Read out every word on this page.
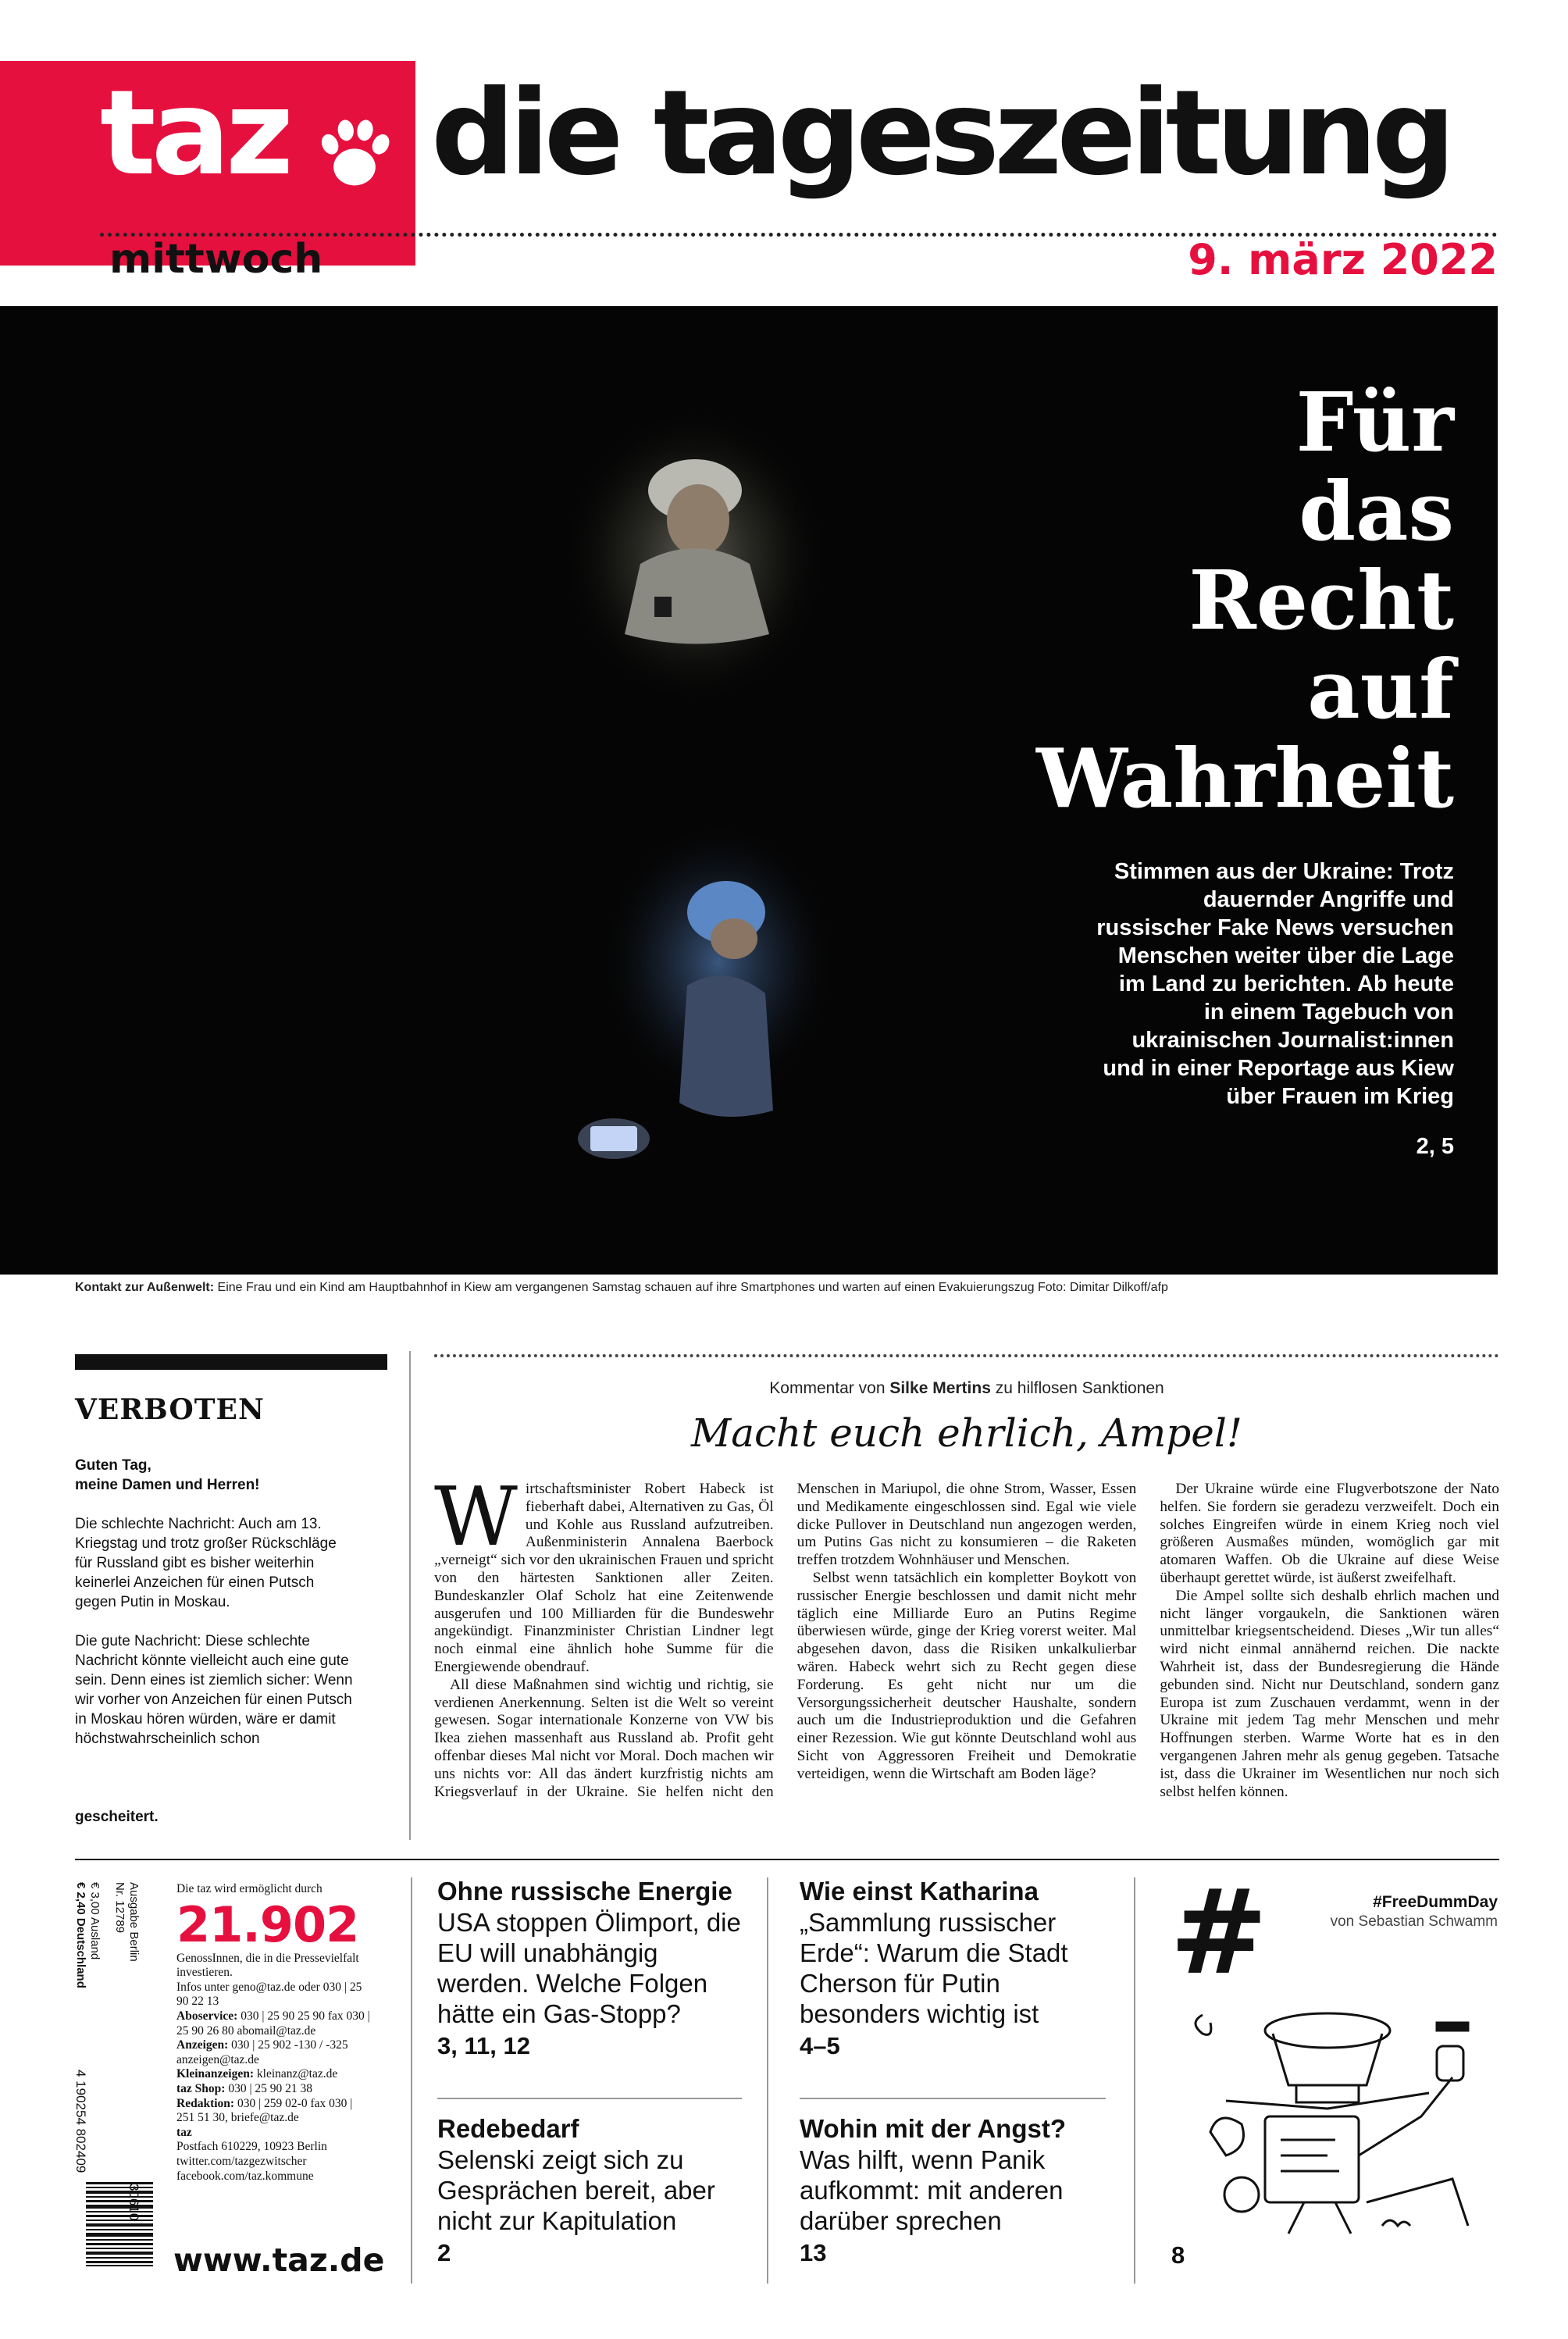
taz die tageszeitung
mittwoch	9. märz 2022
Für
das
Recht
auf
Wahrheit
Stimmen aus der Ukraine: Trotz dauernder Angriffe und russischer Fake News versuchen Menschen weiter über die Lage im Land zu berichten. Ab heute in einem Tagebuch von ukrainischen Journalist:innen und in einer Reportage aus Kiew über Frauen im Krieg
2, 5
Kontakt zur Außenwelt: Eine Frau und ein Kind am Hauptbahnhof in Kiew am vergangenen Samstag schauen auf ihre Smartphones und warten auf einen Evakuierungszug Foto: Dimitar Dilkoff/afp
VERBOTEN

Guten Tag,
meine Damen und Herren!

Die schlechte Nachricht: Auch am 13. Kriegstag und trotz großer Rückschläge für Russland gibt es bisher weiterhin keinerlei Anzeichen für einen Putsch gegen Putin in Moskau.

Die gute Nachricht: Diese schlechte Nachricht könnte vielleicht auch eine gute sein. Denn eines ist ziemlich sicher: Wenn wir vorher von Anzeichen für einen Putsch in Moskau hören würden, wäre er damit höchstwahrscheinlich schon

gescheitert.
Kommentar von Silke Mertins zu hilflosen Sanktionen
Macht euch ehrlich, Ampel!

Wirtschaftsminister Robert Habeck ist fieberhaft dabei, Alternativen zu Gas, Öl und Kohle aus Russland aufzutreiben. Außenministerin Annalena Baerbock „verneigt“ sich vor den ukrainischen Frauen und spricht von den härtesten Sanktionen aller Zeiten. Bundeskanzler Olaf Scholz hat eine Zeitenwende ausgerufen und 100 Milliarden für die Bundeswehr angekündigt. Finanzminister Christian Lindner legt noch einmal eine ähnlich hohe Summe für die Energiewende obendrauf.

All diese Maßnahmen sind wichtig und richtig, sie verdienen Anerkennung. Selten ist die Welt so vereint gewesen. Sogar internationale Konzerne von VW bis Ikea ziehen massenhaft aus Russland ab. Profit geht offenbar dieses Mal nicht vor Moral. Doch machen wir uns nichts vor: All das ändert kurzfristig nichts am Kriegsverlauf in der Ukraine. Sie helfen nicht den Menschen in Mariupol, die ohne Strom, Wasser, Essen und Medikamente eingeschlossen sind. Egal wie viele dicke Pullover in Deutschland nun angezogen werden, um Putins Gas nicht zu konsumieren – die Raketen treffen trotzdem Wohnhäuser und Menschen.

Selbst wenn tatsächlich ein kompletter Boykott von russischer Energie beschlossen und damit nicht mehr täglich eine Milliarde Euro an Putins Regime überwiesen würde, ginge der Krieg vorerst weiter. Mal abgesehen davon, dass die Risiken unkalkulierbar wären. Habeck wehrt sich zu Recht gegen diese Forderung. Es geht nicht nur um die Versorgungssicherheit deutscher Haushalte, sondern auch um die Industrieproduktion und die Gefahren einer Rezession. Wie gut könnte Deutschland wohl aus Sicht von Aggressoren Freiheit und Demokratie verteidigen, wenn die Wirtschaft am Boden läge?

Der Ukraine würde eine Flugverbotszone der Nato helfen. Sie fordern sie geradezu verzweifelt. Doch ein solches Eingreifen würde in einem Krieg noch viel größeren Ausmaßes münden, womöglich gar mit atomaren Waffen. Ob die Ukraine auf diese Weise überhaupt gerettet würde, ist äußerst zweifelhaft.

Die Ampel sollte sich deshalb ehrlich machen und nicht länger vorgaukeln, die Sanktionen wären unmittelbar kriegsentscheidend. Dieses „Wir tun alles“ wird nicht einmal annähernd reichen. Die nackte Wahrheit ist, dass der Bundesregierung die Hände gebunden sind. Nicht nur Deutschland, sondern ganz Europa ist zum Zuschauen verdammt, wenn in der Ukraine mit jedem Tag mehr Menschen und mehr Hoffnungen sterben. Warme Worte hat es in den vergangenen Jahren mehr als genug gegeben. Tatsache ist, dass die Ukrainer im Wesentlichen nur noch sich selbst helfen können.

Ausgabe Berlin
Nr. 12789
€ 3,00 Ausland
€ 2,40 Deutschland
4 190254 802409
Die taz wird ermöglicht durch
21.902
GenossInnen, die in die Pressevielfalt investieren.
Infos unter geno@taz.de oder 030 | 25 90 22 13
Aboservice: 030 | 25 90 25 90 fax 030 | 25 90 26 80 abomail@taz.de
Anzeigen: 030 | 25 902 -130 / -325 anzeigen@taz.de
Kleinanzeigen: kleinanz@taz.de
taz Shop: 030 | 25 90 21 38
Redaktion: 030 | 259 02-0 fax 030 | 251 51 30, briefe@taz.de
taz
Postfach 610229, 10923 Berlin twitter.com/tazgezwitscher facebook.com/taz.kommune
www.taz.de
Ohne russische Energie
USA stoppen Ölimport, die EU will unabhängig werden. Welche Folgen hätte ein Gas-Stopp?
3, 11, 12
Wie einst Katharina
„Sammlung russischer Erde“: Warum die Stadt Cherson für Putin besonders wichtig ist
4–5
Redebedarf
Selenski zeigt sich zu Gesprächen bereit, aber nicht zur Kapitulation
2
Wohin mit der Angst?
Was hilft, wenn Panik aufkommt: mit anderen darüber sprechen
13
#	#FreeDummDay
von Sebastian Schwamm
8
